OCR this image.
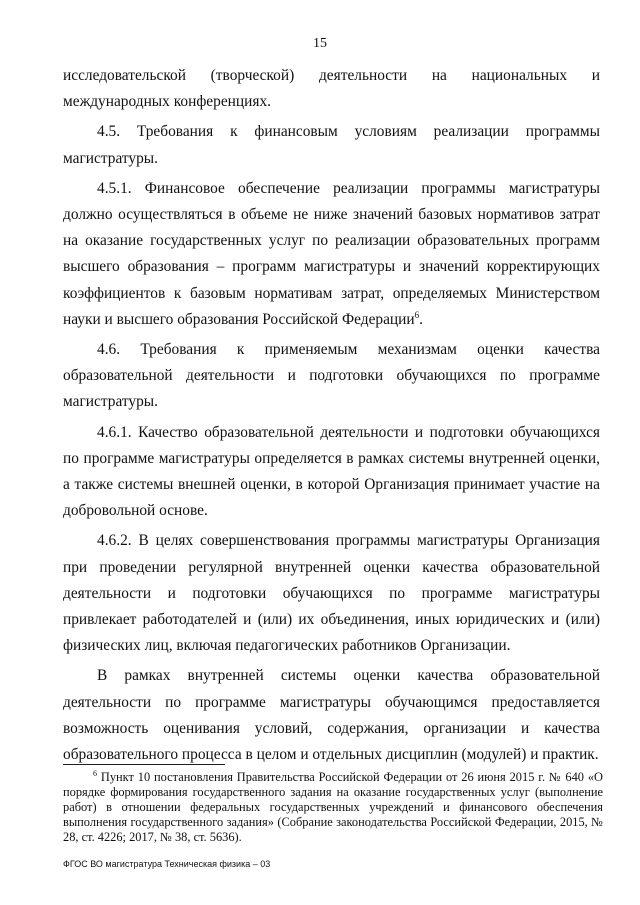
15

исследовательской (творческой) деятельности на национальных и международных конференциях.

4.5. Требования к финансовым условиям реализации программы магистратуры.

4.5.1. Финансовое обеспечение реализации программы магистратуры должно осуществляться в объеме не ниже значений базовых нормативов затрат на оказание государственных услуг по реализации образовательных программ высшего образования – программ магистратуры и значений корректирующих коэффициентов к базовым нормативам затрат, определяемых Министерством науки и высшего образования Российской Федерации$^6$.

4.6. Требования к применяемым механизмам оценки качества образовательной деятельности и подготовки обучающихся по программе магистратуры.

4.6.1. Качество образовательной деятельности и подготовки обучающихся по программе магистратуры определяется в рамках системы внутренней оценки, а также системы внешней оценки, в которой Организация принимает участие на добровольной основе.

4.6.2. В целях совершенствования программы магистратуры Организация при проведении регулярной внутренней оценки качества образовательной деятельности и подготовки обучающихся по программе магистратуры привлекает работодателей и (или) их объединения, иных юридических и (или) физических лиц, включая педагогических работников Организации.

В рамках внутренней системы оценки качества образовательной деятельности по программе магистратуры обучающимся предоставляется возможность оценивания условий, содержания, организации и качества образовательного процесса в целом и отдельных дисциплин (модулей) и практик.

$^6$ Пункт 10 постановления Правительства Российской Федерации от 26 июня 2015 г. № 640 «О порядке формирования государственного задания на оказание государственных услуг (выполнение работ) в отношении федеральных государственных учреждений и финансового обеспечения выполнения государственного задания» (Собрание законодательства Российской Федерации, 2015, № 28, ст. 4226; 2017, № 38, ст. 5636).
ФГОС ВО магистратура Техническая физика – 03
